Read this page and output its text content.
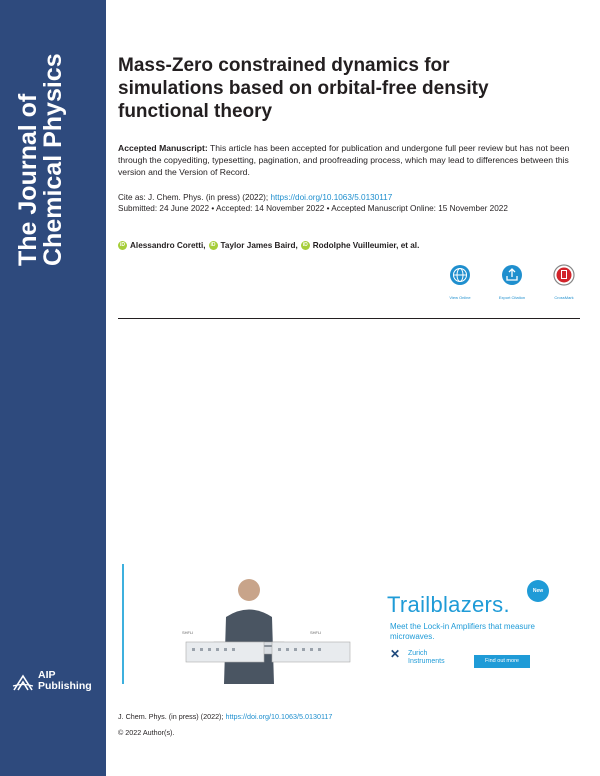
The Journal of
Chemical Physics
AIP
Publishing
Mass-Zero constrained dynamics for simulations based on orbital-free density functional theory
Accepted Manuscript: This article has been accepted for publication and undergone full peer review but has not been through the copyediting, typesetting, pagination, and proofreading process, which may lead to differences between this version and the Version of Record.
Cite as: J. Chem. Phys. (in press) (2022); https://doi.org/10.1063/5.0130117
Submitted: 24 June 2022 • Accepted: 14 November 2022 • Accepted Manuscript Online: 15 November 2022
iD Alessandro Coretti,	iD Taylor James Baird,	iD Rodolphe Vuilleumier, et al.
View Online	Export Citation	CrossMark
SHFLI	SHFLI
Trailblazers.
New
Meet the Lock-in Amplifiers that measure microwaves.
✕ Zurich
Instruments	Find out more
J. Chem. Phys. (in press) (2022); https://doi.org/10.1063/5.0130117
© 2022 Author(s).
